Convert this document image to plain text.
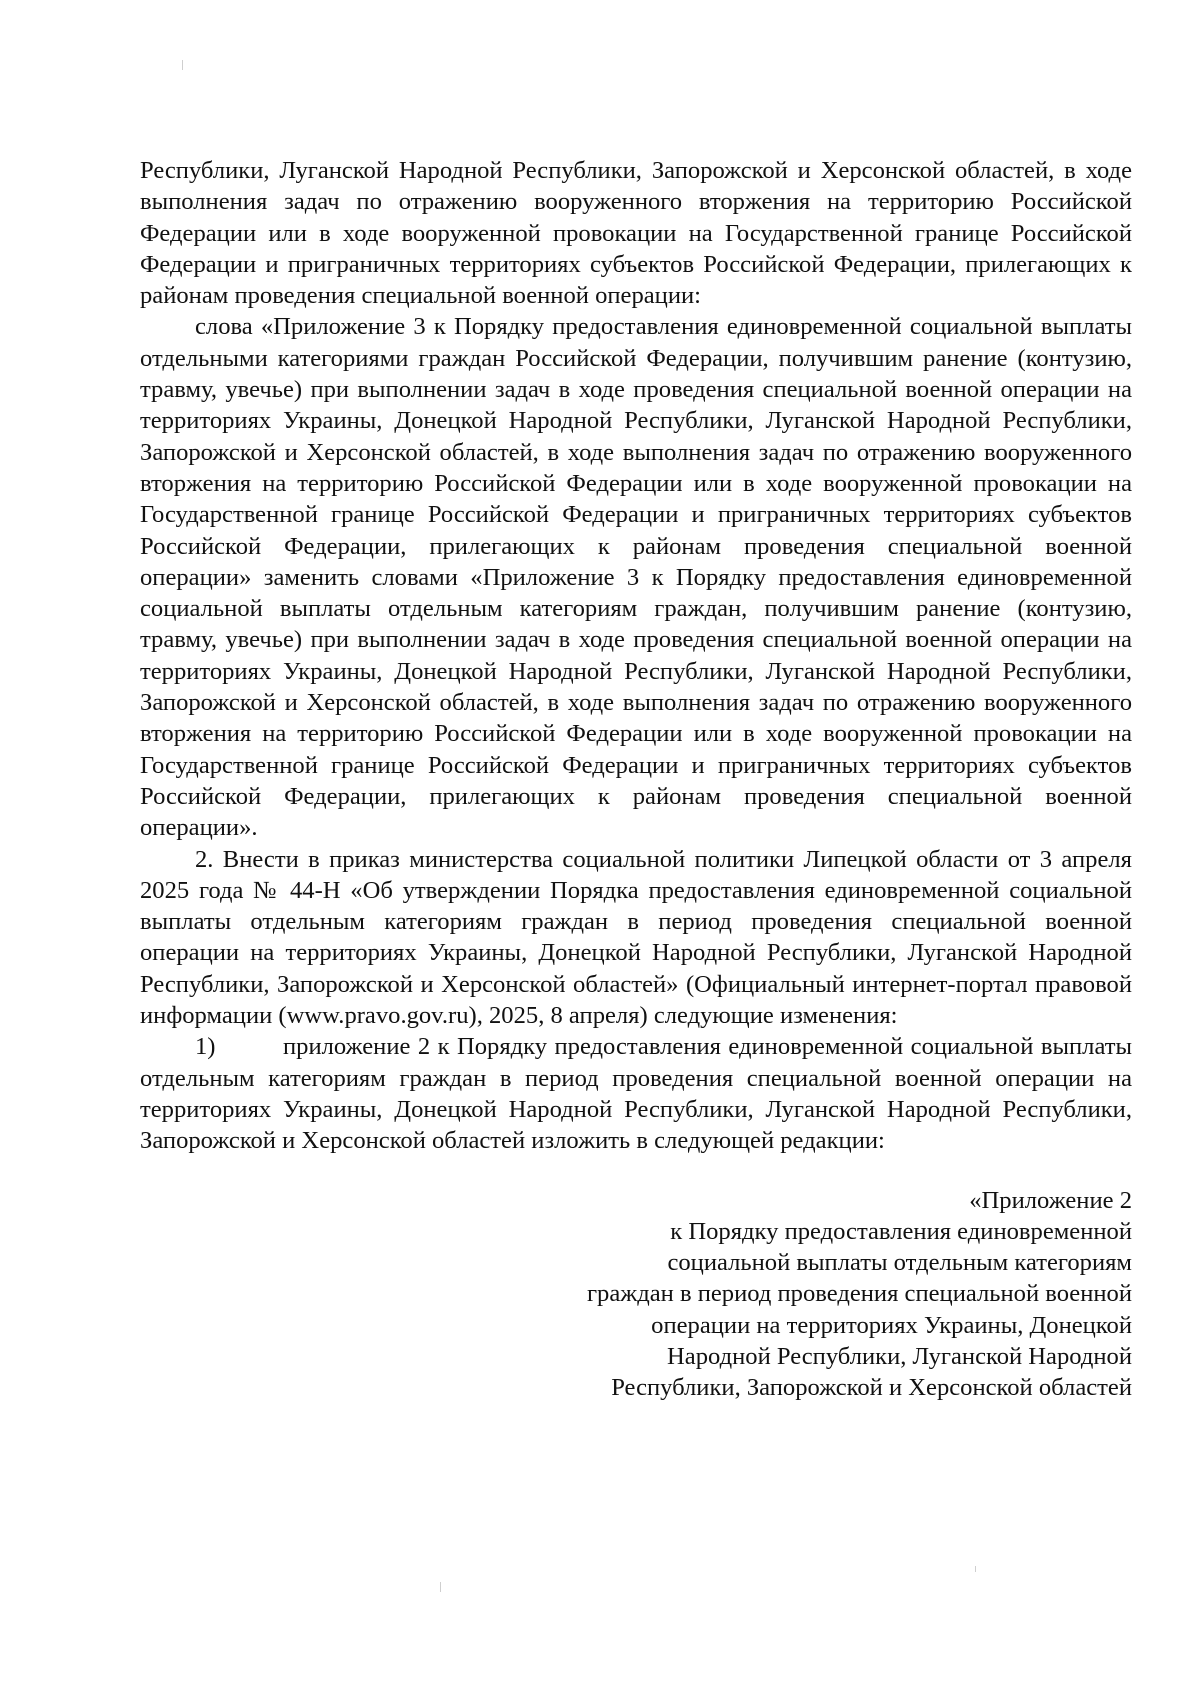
Республики, Луганской Народной Республики, Запорожской и Херсонской областей, в ходе выполнения задач по отражению вооруженного вторжения на территорию Российской Федерации или в ходе вооруженной провокации на Государственной границе Российской Федерации и приграничных территориях субъектов Российской Федерации, прилегающих к районам проведения специальной военной операции:

слова «Приложение 3 к Порядку предоставления единовременной социальной выплаты отдельными категориями граждан Российской Федерации, получившим ранение (контузию, травму, увечье) при выполнении задач в ходе проведения специальной военной операции на территориях Украины, Донецкой Народной Республики, Луганской Народной Республики, Запорожской и Херсонской областей, в ходе выполнения задач по отражению вооруженного вторжения на территорию Российской Федерации или в ходе вооруженной провокации на Государственной границе Российской Федерации и приграничных территориях субъектов Российской Федерации, прилегающих к районам проведения специальной военной операции» заменить словами «Приложение 3 к Порядку предоставления единовременной социальной выплаты отдельным категориям граждан, получившим ранение (контузию, травму, увечье) при выполнении задач в ходе проведения специальной военной операции на территориях Украины, Донецкой Народной Республики, Луганской Народной Республики, Запорожской и Херсонской областей, в ходе выполнения задач по отражению вооруженного вторжения на территорию Российской Федерации или в ходе вооруженной провокации на Государственной границе Российской Федерации и приграничных территориях субъектов Российской Федерации, прилегающих к районам проведения специальной военной операции».

2. Внести в приказ министерства социальной политики Липецкой области от 3 апреля 2025 года № 44-Н «Об утверждении Порядка предоставления единовременной социальной выплаты отдельным категориям граждан в период проведения специальной военной операции на территориях Украины, Донецкой Народной Республики, Луганской Народной Республики, Запорожской и Херсонской областей» (Официальный интернет-портал правовой информации (www.pravo.gov.ru), 2025, 8 апреля) следующие изменения:

1)	приложение 2 к Порядку предоставления единовременной социальной выплаты отдельным категориям граждан в период проведения специальной военной операции на территориях Украины, Донецкой Народной Республики, Луганской Народной Республики, Запорожской и Херсонской областей изложить в следующей редакции:

«Приложение 2
к Порядку предоставления единовременной
социальной выплаты отдельным категориям
граждан в период проведения специальной военной
операции на территориях Украины, Донецкой
Народной Республики, Луганской Народной
Республики, Запорожской и Херсонской областей
